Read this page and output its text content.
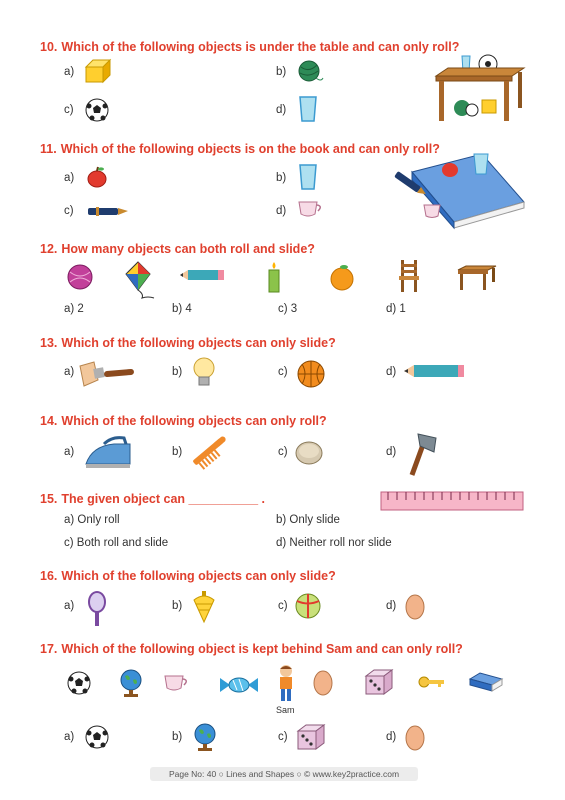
10. Which of the following objects is under the table and can only roll?
a)	b)
c)	d)
11. Which of the following objects is on the book and can only roll?
a)	b)
c)	d)
12. How many objects can both roll and slide?
a) 2	b) 4	c) 3	d) 1
13. Which of the following objects can only slide?
a)	b)	c)	d)
14. Which of the following objects can only roll?
a)	b)	c)	d)
15. The given object can __________ .
a) Only roll	b) Only slide
c) Both roll and slide	d) Neither roll nor slide
16. Which of the following objects can only slide?
a)	b)	c)	d)
17. Which of the following object is kept behind Sam and can only roll?
Sam
a)	b)	c)	d)
Page No: 40 ○ Lines and Shapes ○ © www.key2practice.com
